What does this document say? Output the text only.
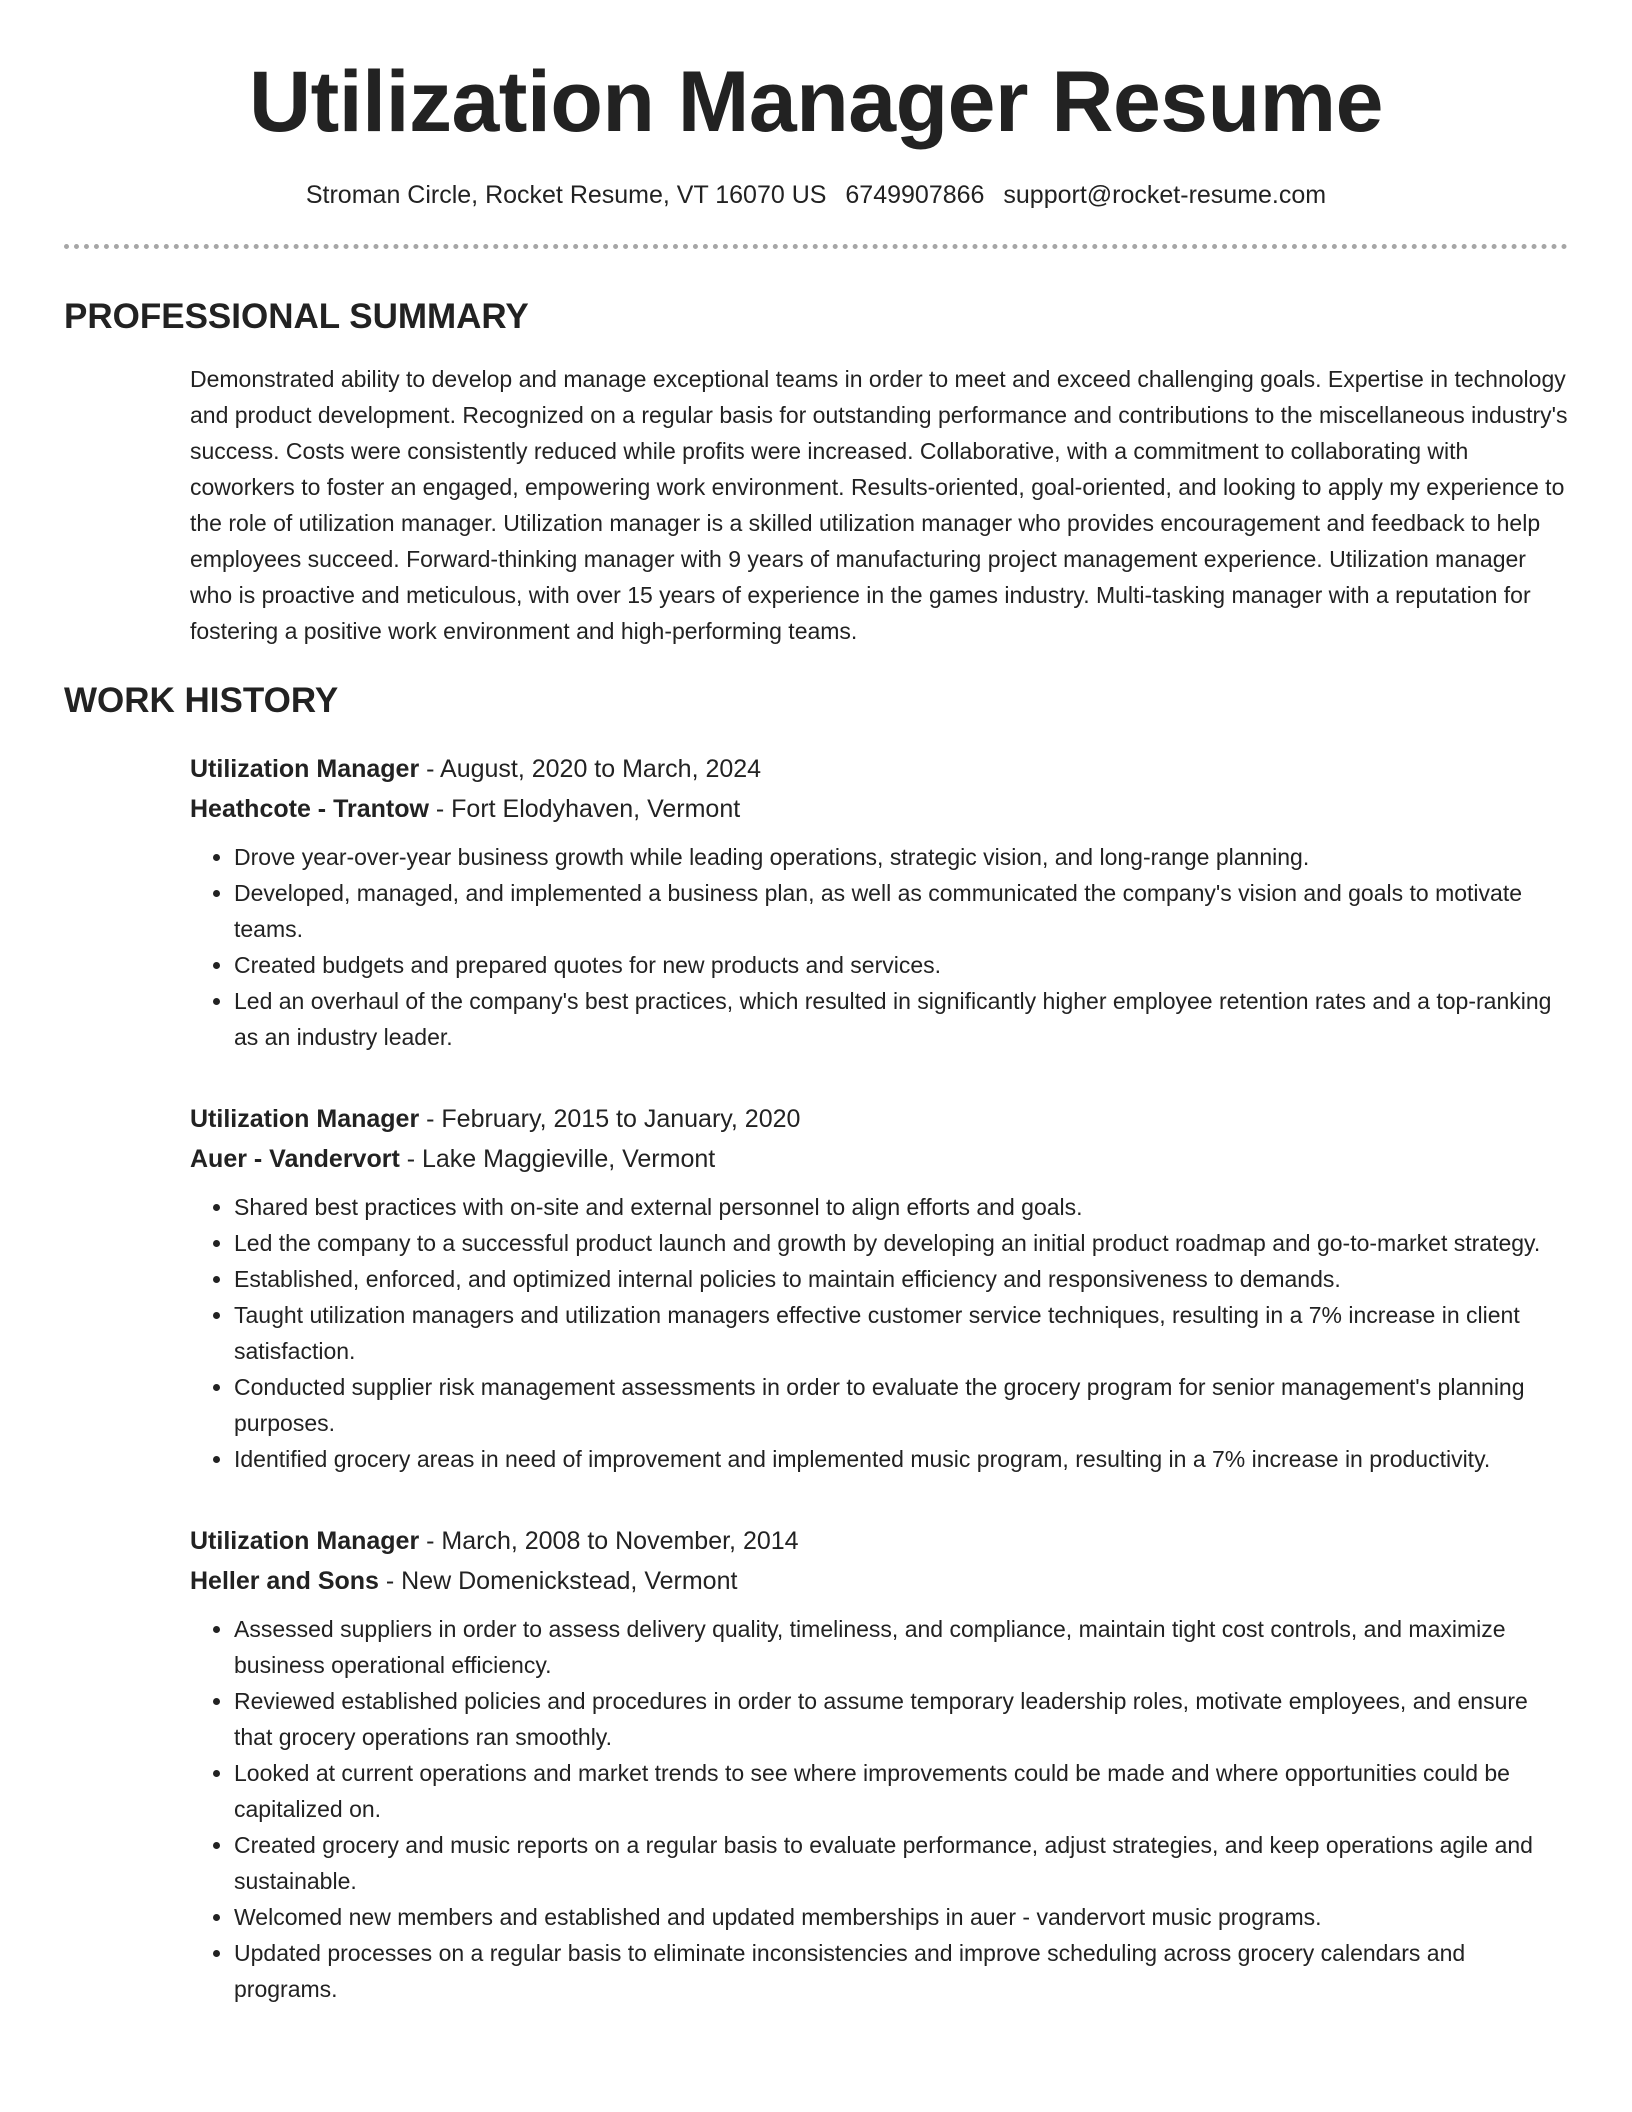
Utilization Manager Resume
Stroman Circle, Rocket Resume, VT 16070 US 6749907866 support@rocket-resume.com
PROFESSIONAL SUMMARY
Demonstrated ability to develop and manage exceptional teams in order to meet and exceed challenging goals. Expertise in technology and product development. Recognized on a regular basis for outstanding performance and contributions to the miscellaneous industry's success. Costs were consistently reduced while profits were increased. Collaborative, with a commitment to collaborating with coworkers to foster an engaged, empowering work environment. Results-oriented, goal-oriented, and looking to apply my experience to the role of utilization manager. Utilization manager is a skilled utilization manager who provides encouragement and feedback to help employees succeed. Forward-thinking manager with 9 years of manufacturing project management experience. Utilization manager who is proactive and meticulous, with over 15 years of experience in the games industry. Multi-tasking manager with a reputation for fostering a positive work environment and high-performing teams.
WORK HISTORY
Utilization Manager - August, 2020 to March, 2024
Heathcote - Trantow - Fort Elodyhaven, Vermont
• Drove year-over-year business growth while leading operations, strategic vision, and long-range planning.
• Developed, managed, and implemented a business plan, as well as communicated the company's vision and goals to motivate teams.
• Created budgets and prepared quotes for new products and services.
• Led an overhaul of the company's best practices, which resulted in significantly higher employee retention rates and a top-ranking as an industry leader.
Utilization Manager - February, 2015 to January, 2020
Auer - Vandervort - Lake Maggieville, Vermont
• Shared best practices with on-site and external personnel to align efforts and goals.
• Led the company to a successful product launch and growth by developing an initial product roadmap and go-to-market strategy.
• Established, enforced, and optimized internal policies to maintain efficiency and responsiveness to demands.
• Taught utilization managers and utilization managers effective customer service techniques, resulting in a 7% increase in client satisfaction.
• Conducted supplier risk management assessments in order to evaluate the grocery program for senior management's planning purposes.
• Identified grocery areas in need of improvement and implemented music program, resulting in a 7% increase in productivity.
Utilization Manager - March, 2008 to November, 2014
Heller and Sons - New Domenickstead, Vermont
• Assessed suppliers in order to assess delivery quality, timeliness, and compliance, maintain tight cost controls, and maximize business operational efficiency.
• Reviewed established policies and procedures in order to assume temporary leadership roles, motivate employees, and ensure that grocery operations ran smoothly.
• Looked at current operations and market trends to see where improvements could be made and where opportunities could be capitalized on.
• Created grocery and music reports on a regular basis to evaluate performance, adjust strategies, and keep operations agile and sustainable.
• Welcomed new members and established and updated memberships in auer - vandervort music programs.
• Updated processes on a regular basis to eliminate inconsistencies and improve scheduling across grocery calendars and programs.
